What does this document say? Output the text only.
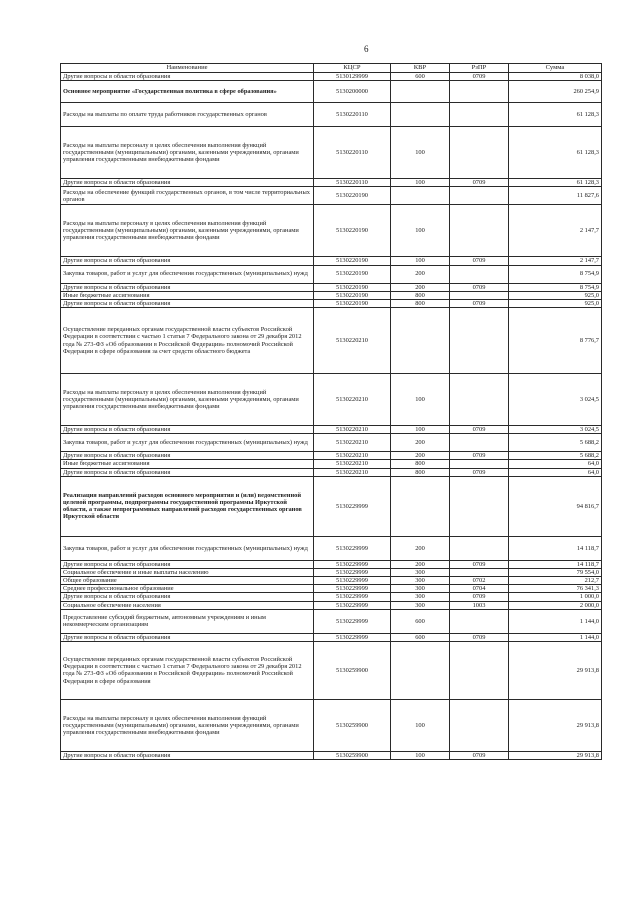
6
Наименование	КЦСР	КВР	РзПР	Сумма
Другие вопросы в области образования	5130129999	600	0709	8 038,0
Основное мероприятие «Государственная политика в сфере образования»	5130200000			260 254,9
Расходы на выплаты по оплате труда работников государственных органов	5130220110			61 128,3
Расходы на выплаты персоналу в целях обеспечения выполнения функций государственными (муниципальными) органами, казенными учреждениями, органами управления государственными внебюджетными фондами	5130220110	100		61 128,3
Другие вопросы в области образования	5130220110	100	0709	61 128,3
Расходы на обеспечение функций государственных органов, в том числе территориальных органов	5130220190			11 827,6
Расходы на выплаты персоналу в целях обеспечения выполнения функций государственными (муниципальными) органами, казенными учреждениями, органами управления государственными внебюджетными фондами	5130220190	100		2 147,7
Другие вопросы в области образования	5130220190	100	0709	2 147,7
Закупка товаров, работ и услуг для обеспечения государственных (муниципальных) нужд	5130220190	200		8 754,9
Другие вопросы в области образования	5130220190	200	0709	8 754,9
Иные бюджетные ассигнования	5130220190	800		925,0
Другие вопросы в области образования	5130220190	800	0709	925,0
Осуществление переданных органам государственной власти субъектов Российской Федерации в соответствии с частью 1 статьи 7 Федерального закона от 29 декабря 2012 года № 273-ФЗ «Об образовании в Российской Федерации» полномочий Российской Федерации в сфере образования за счет средств областного бюджета	5130220210			8 776,7
Расходы на выплаты персоналу в целях обеспечения выполнения функций государственными (муниципальными) органами, казенными учреждениями, органами управления государственными внебюджетными фондами	5130220210	100		3 024,5
Другие вопросы в области образования	5130220210	100	0709	3 024,5
Закупка товаров, работ и услуг для обеспечения государственных (муниципальных) нужд	5130220210	200		5 688,2
Другие вопросы в области образования	5130220210	200	0709	5 688,2
Иные бюджетные ассигнования	5130220210	800		64,0
Другие вопросы в области образования	5130220210	800	0709	64,0
Реализация направлений расходов основного мероприятия и (или) ведомственной целевой программы, подпрограммы государственной программы Иркутской области, а также непрограммных направлений расходов государственных органов Иркутской области	5130229999			94 816,7
Закупка товаров, работ и услуг для обеспечения государственных (муниципальных) нужд	5130229999	200		14 118,7
Другие вопросы в области образования	5130229999	200	0709	14 118,7
Социальное обеспечение и иные выплаты населению	5130229999	300		79 554,0
Общее образование	5130229999	300	0702	212,7
Среднее профессиональное образование	5130229999	300	0704	76 341,3
Другие вопросы в области образования	5130229999	300	0709	1 000,0
Социальное обеспечение населения	5130229999	300	1003	2 000,0
Предоставление субсидий бюджетным, автономным учреждениям и иным некоммерческим организациям	5130229999	600		1 144,0
Другие вопросы в области образования	5130229999	600	0709	1 144,0
Осуществление переданных органам государственной власти субъектов Российской Федерации в соответствии с частью 1 статьи 7 Федерального закона от 29 декабря 2012 года № 273-ФЗ «Об образовании в Российской Федерации» полномочий Российской Федерации в сфере образования	5130259900			29 913,8
Расходы на выплаты персоналу в целях обеспечения выполнения функций государственными (муниципальными) органами, казенными учреждениями, органами управления государственными внебюджетными фондами	5130259900	100		29 913,8
Другие вопросы в области образования	5130259900	100	0709	29 913,8
